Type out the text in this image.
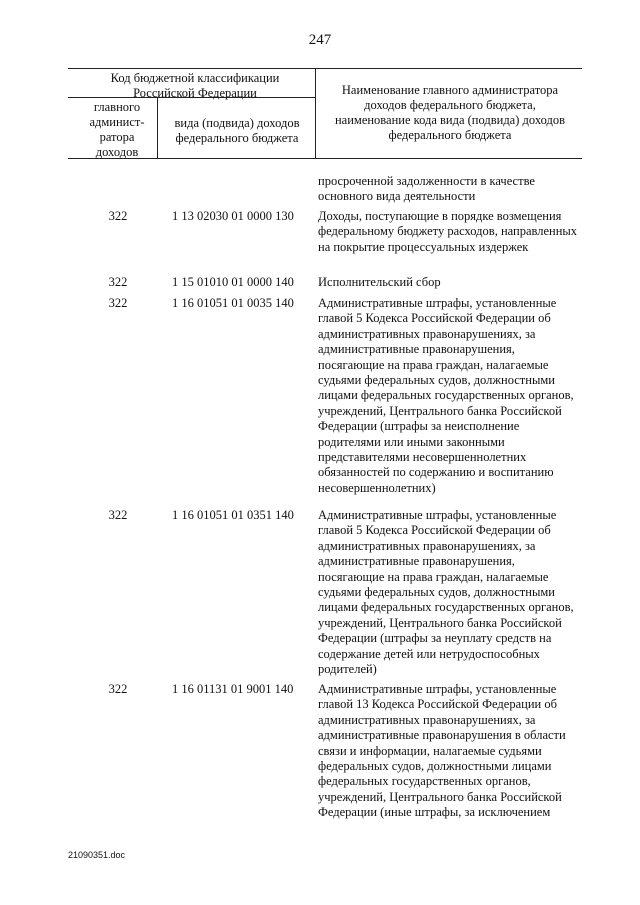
247
Код бюджетной классификации Российской Федерации
главного админист-ратора доходов
вида (подвида) доходов федерального бюджета
Наименование главного администратора доходов федерального бюджета, наименование кода вида (подвида) доходов федерального бюджета
просроченной задолженности в качестве основного вида деятельности
322	1 13 02030 01 0000 130	Доходы, поступающие в порядке возмещения федеральному бюджету расходов, направленных на покрытие процессуальных издержек
322	1 15 01010 01 0000 140	Исполнительский сбор
322	1 16 01051 01 0035 140	Административные штрафы, установленные главой 5 Кодекса Российской Федерации об административных правонарушениях, за административные правонарушения, посягающие на права граждан, налагаемые судьями федеральных судов, должностными лицами федеральных государственных органов, учреждений, Центрального банка Российской Федерации (штрафы за неисполнение родителями или иными законными представителями несовершеннолетних обязанностей по содержанию и воспитанию несовершеннолетних)
322	1 16 01051 01 0351 140	Административные штрафы, установленные главой 5 Кодекса Российской Федерации об административных правонарушениях, за административные правонарушения, посягающие на права граждан, налагаемые судьями федеральных судов, должностными лицами федеральных государственных органов, учреждений, Центрального банка Российской Федерации (штрафы за неуплату средств на содержание детей или нетрудоспособных родителей)
322	1 16 01131 01 9001 140	Административные штрафы, установленные главой 13 Кодекса Российской Федерации об административных правонарушениях, за административные правонарушения в области связи и информации, налагаемые судьями федеральных судов, должностными лицами федеральных государственных органов, учреждений, Центрального банка Российской Федерации (иные штрафы, за исключением
21090351.doc
